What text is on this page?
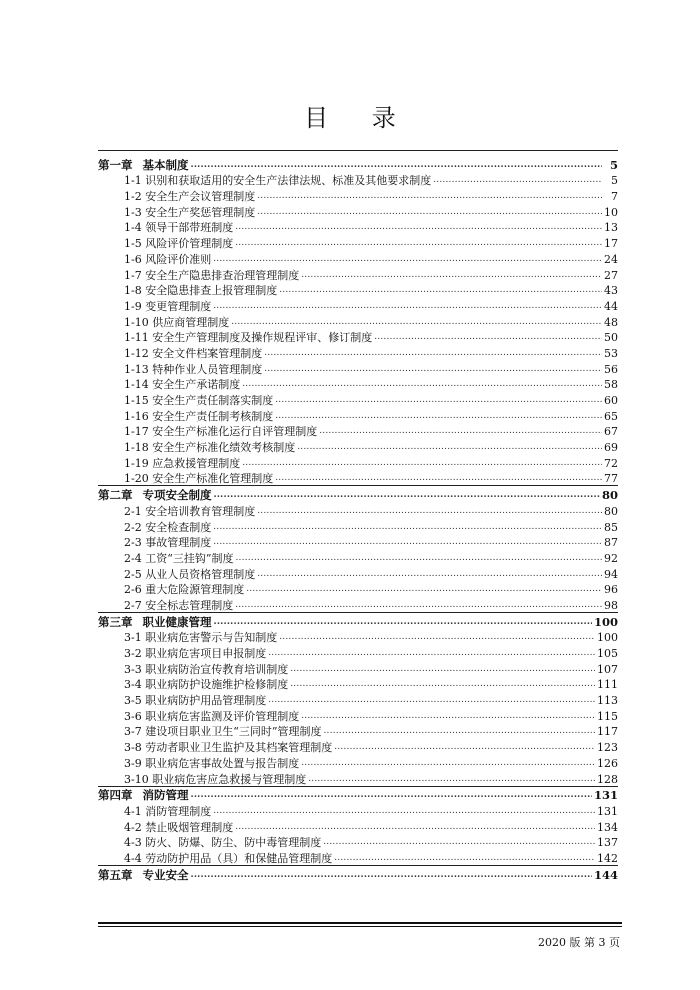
目 录
第一章 基本制度 .....	5
1-1 识别和获取适用的安全生产法律法规、标准及其他要求制度 .....	5
1-2 安全生产会议管理制度 .....	7
1-3 安全生产奖惩管理制度 .....	10
1-4 领导干部带班制度 .....	13
1-5 风险评价管理制度 .....	17
1-6 风险评价准则 .....	24
1-7 安全生产隐患排查治理管理制度 .....	27
1-8 安全隐患排查上报管理制度 .....	43
1-9 变更管理制度 .....	44
1-10 供应商管理制度 .....	48
1-11 安全生产管理制度及操作规程评审、修订制度 .....	50
1-12 安全文件档案管理制度 .....	53
1-13 特种作业人员管理制度 .....	56
1-14 安全生产承诺制度 .....	58
1-15 安全生产责任制落实制度 .....	60
1-16 安全生产责任制考核制度 .....	65
1-17 安全生产标准化运行自评管理制度 .....	67
1-18 安全生产标准化绩效考核制度 .....	69
1-19 应急救援管理制度 .....	72
1-20 安全生产标准化管理制度 .....	77
第二章 专项安全制度 .....	80
2-1 安全培训教育管理制度 .....	80
2-2 安全检查制度 .....	85
2-3 事故管理制度 .....	87
2-4 工资“三挂钩”制度 .....	92
2-5 从业人员资格管理制度 .....	94
2-6 重大危险源管理制度 .....	96
2-7 安全标志管理制度 .....	98
第三章 职业健康管理 .....	100
3-1 职业病危害警示与告知制度 .....	100
3-2 职业病危害项目申报制度 .....	105
3-3 职业病防治宣传教育培训制度 .....	107
3-4 职业病防护设施维护检修制度 .....	111
3-5 职业病防护用品管理制度 .....	113
3-6 职业病危害监测及评价管理制度 .....	115
3-7 建设项目职业卫生“三同时”管理制度 .....	117
3-8 劳动者职业卫生监护及其档案管理制度 .....	123
3-9 职业病危害事故处置与报告制度 .....	126
3-10 职业病危害应急救援与管理制度 .....	128
第四章 消防管理 .....	131
4-1 消防管理制度 .....	131
4-2 禁止吸烟管理制度 .....	134
4-3 防火、防爆、防尘、防中毒管理制度 .....	137
4-4 劳动防护用品（具）和保健品管理制度 .....	142
第五章 专业安全 .....	144
2020 版 第 3 页
